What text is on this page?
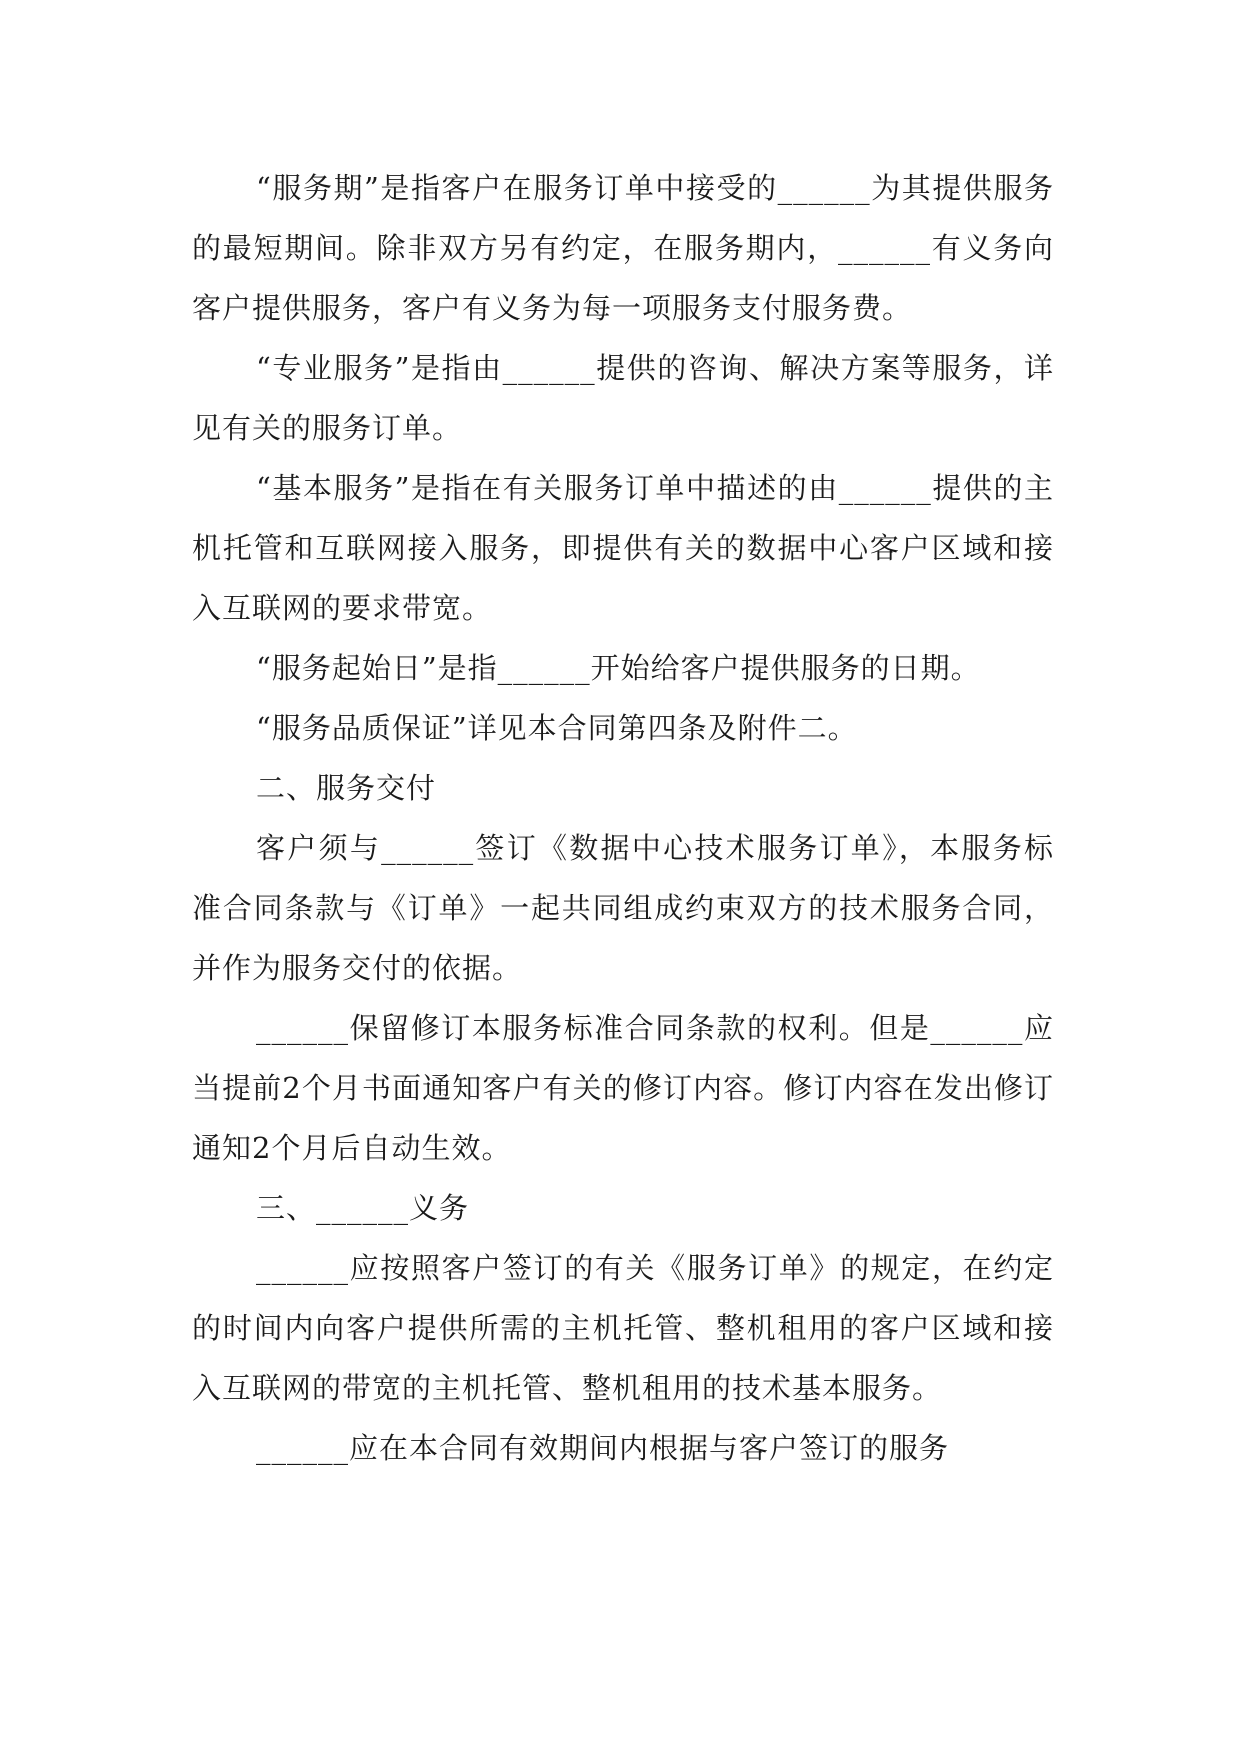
“服务期”是指客户在服务订单中接受的______为其提供服务的最短期间。除非双方另有约定，在服务期内，______有义务向客户提供服务，客户有义务为每一项服务支付服务费。

“专业服务”是指由______提供的咨询、解决方案等服务，详见有关的服务订单。

“基本服务”是指在有关服务订单中描述的由______提供的主机托管和互联网接入服务，即提供有关的数据中心客户区域和接入互联网的要求带宽。

“服务起始日”是指______开始给客户提供服务的日期。

“服务品质保证”详见本合同第四条及附件二。

二、服务交付

客户须与______签订《数据中心技术服务订单》，本服务标准合同条款与《订单》一起共同组成约束双方的技术服务合同，并作为服务交付的依据。

______保留修订本服务标准合同条款的权利。但是______应当提前2个月书面通知客户有关的修订内容。修订内容在发出修订通知2个月后自动生效。

三、______义务

______应按照客户签订的有关《服务订单》的规定，在约定的时间内向客户提供所需的主机托管、整机租用的客户区域和接入互联网的带宽的主机托管、整机租用的技术基本服务。

______应在本合同有效期间内根据与客户签订的服务
